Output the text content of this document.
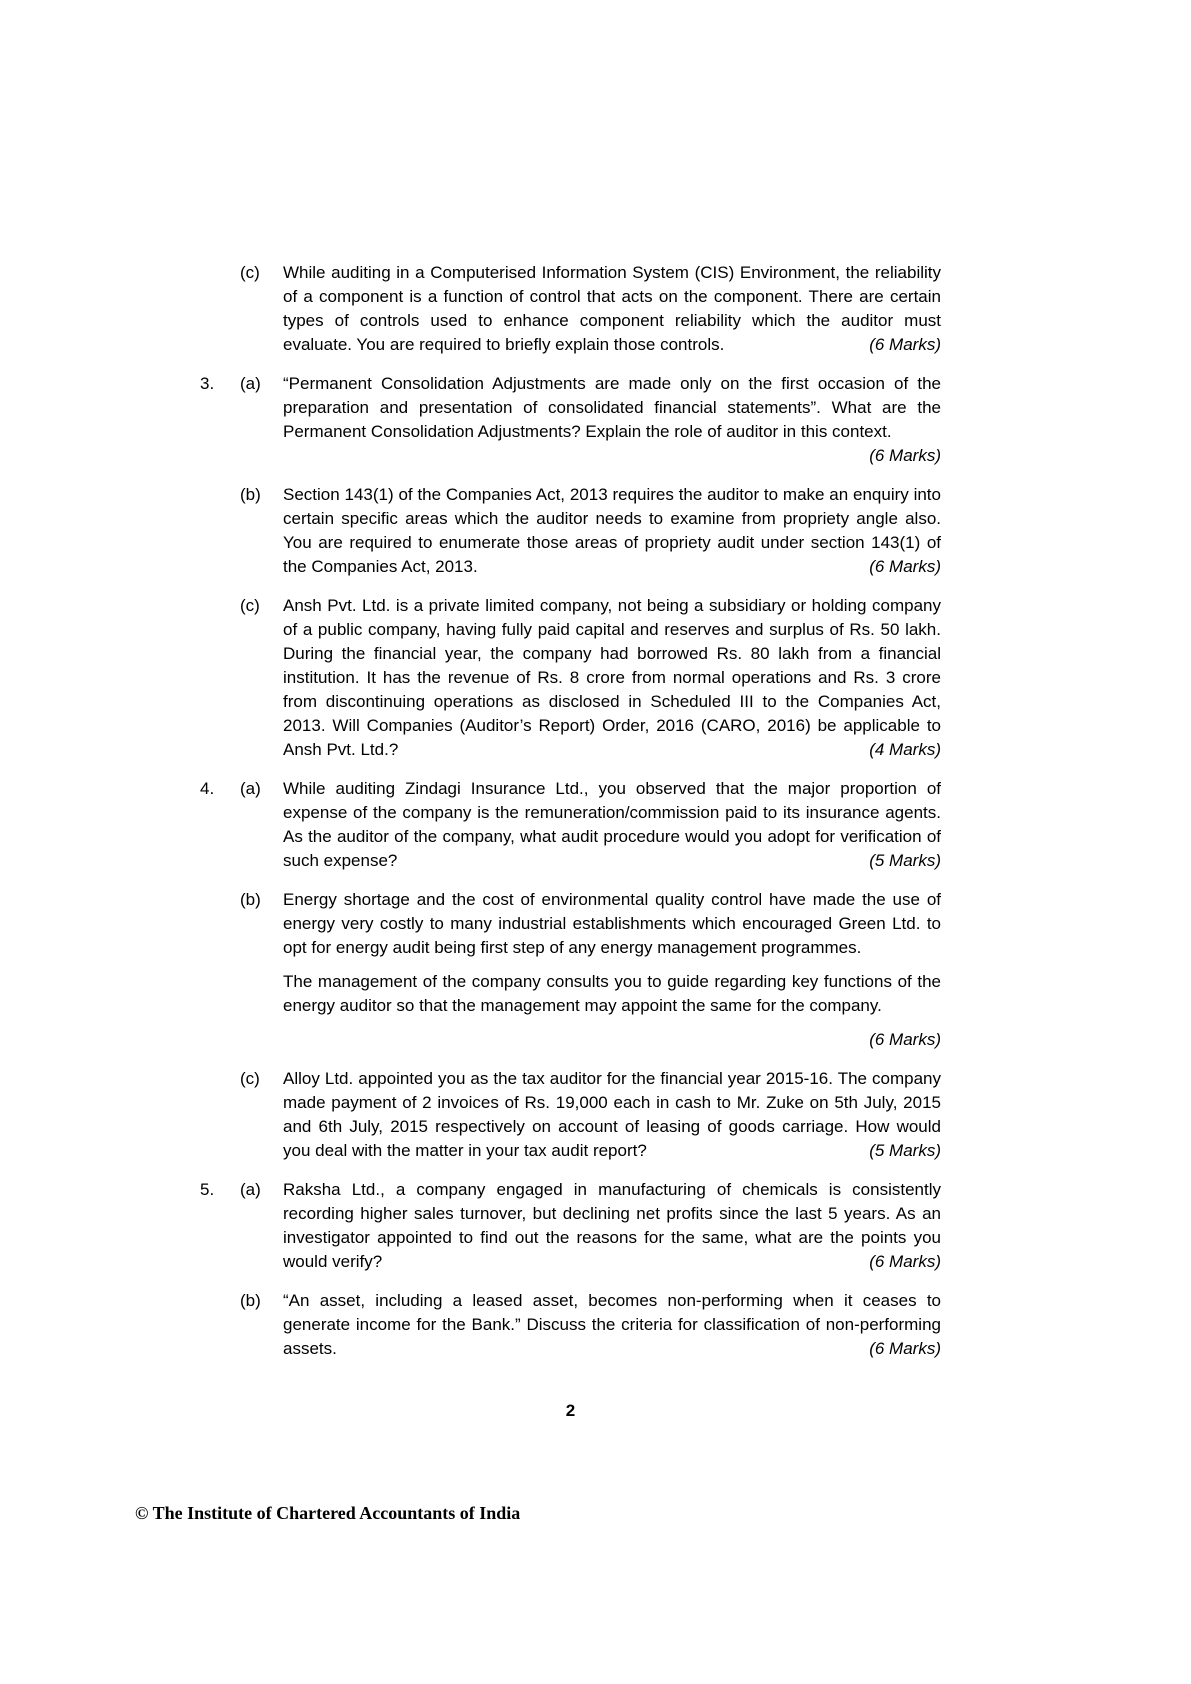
(c)	While auditing in a Computerised Information System (CIS) Environment, the reliability of a component is a function of control that acts on the component. There are certain types of controls used to enhance component reliability which the auditor must evaluate. You are required to briefly explain those controls.	(6 Marks)

3.	(a)	“Permanent Consolidation Adjustments are made only on the first occasion of the preparation and presentation of consolidated financial statements”. What are the Permanent Consolidation Adjustments? Explain the role of auditor in this context.
(6 Marks)

(b)	Section 143(1) of the Companies Act, 2013 requires the auditor to make an enquiry into certain specific areas which the auditor needs to examine from propriety angle also. You are required to enumerate those areas of propriety audit under section 143(1) of the Companies Act, 2013.	(6 Marks)

(c)	Ansh Pvt. Ltd. is a private limited company, not being a subsidiary or holding company of a public company, having fully paid capital and reserves and surplus of Rs. 50 lakh. During the financial year, the company had borrowed Rs. 80 lakh from a financial institution. It has the revenue of Rs. 8 crore from normal operations and Rs. 3 crore from discontinuing operations as disclosed in Scheduled III to the Companies Act, 2013. Will Companies (Auditor’s Report) Order, 2016 (CARO, 2016) be applicable to Ansh Pvt. Ltd.?	(4 Marks)

4.	(a)	While auditing Zindagi Insurance Ltd., you observed that the major proportion of expense of the company is the remuneration/commission paid to its insurance agents. As the auditor of the company, what audit procedure would you adopt for verification of such expense?	(5 Marks)

(b)	Energy shortage and the cost of environmental quality control have made the use of energy very costly to many industrial establishments which encouraged Green Ltd. to opt for energy audit being first step of any energy management programmes.

The management of the company consults you to guide regarding key functions of the energy auditor so that the management may appoint the same for the company.

(6 Marks)

(c)	Alloy Ltd. appointed you as the tax auditor for the financial year 2015-16. The company made payment of 2 invoices of Rs. 19,000 each in cash to Mr. Zuke on 5th July, 2015 and 6th July, 2015 respectively on account of leasing of goods carriage. How would you deal with the matter in your tax audit report?	(5 Marks)

5.	(a)	Raksha Ltd., a company engaged in manufacturing of chemicals is consistently recording higher sales turnover, but declining net profits since the last 5 years. As an investigator appointed to find out the reasons for the same, what are the points you would verify?	(6 Marks)

(b)	“An asset, including a leased asset, becomes non-performing when it ceases to generate income for the Bank.” Discuss the criteria for classification of non-performing assets.	(6 Marks)

2
© The Institute of Chartered Accountants of India
